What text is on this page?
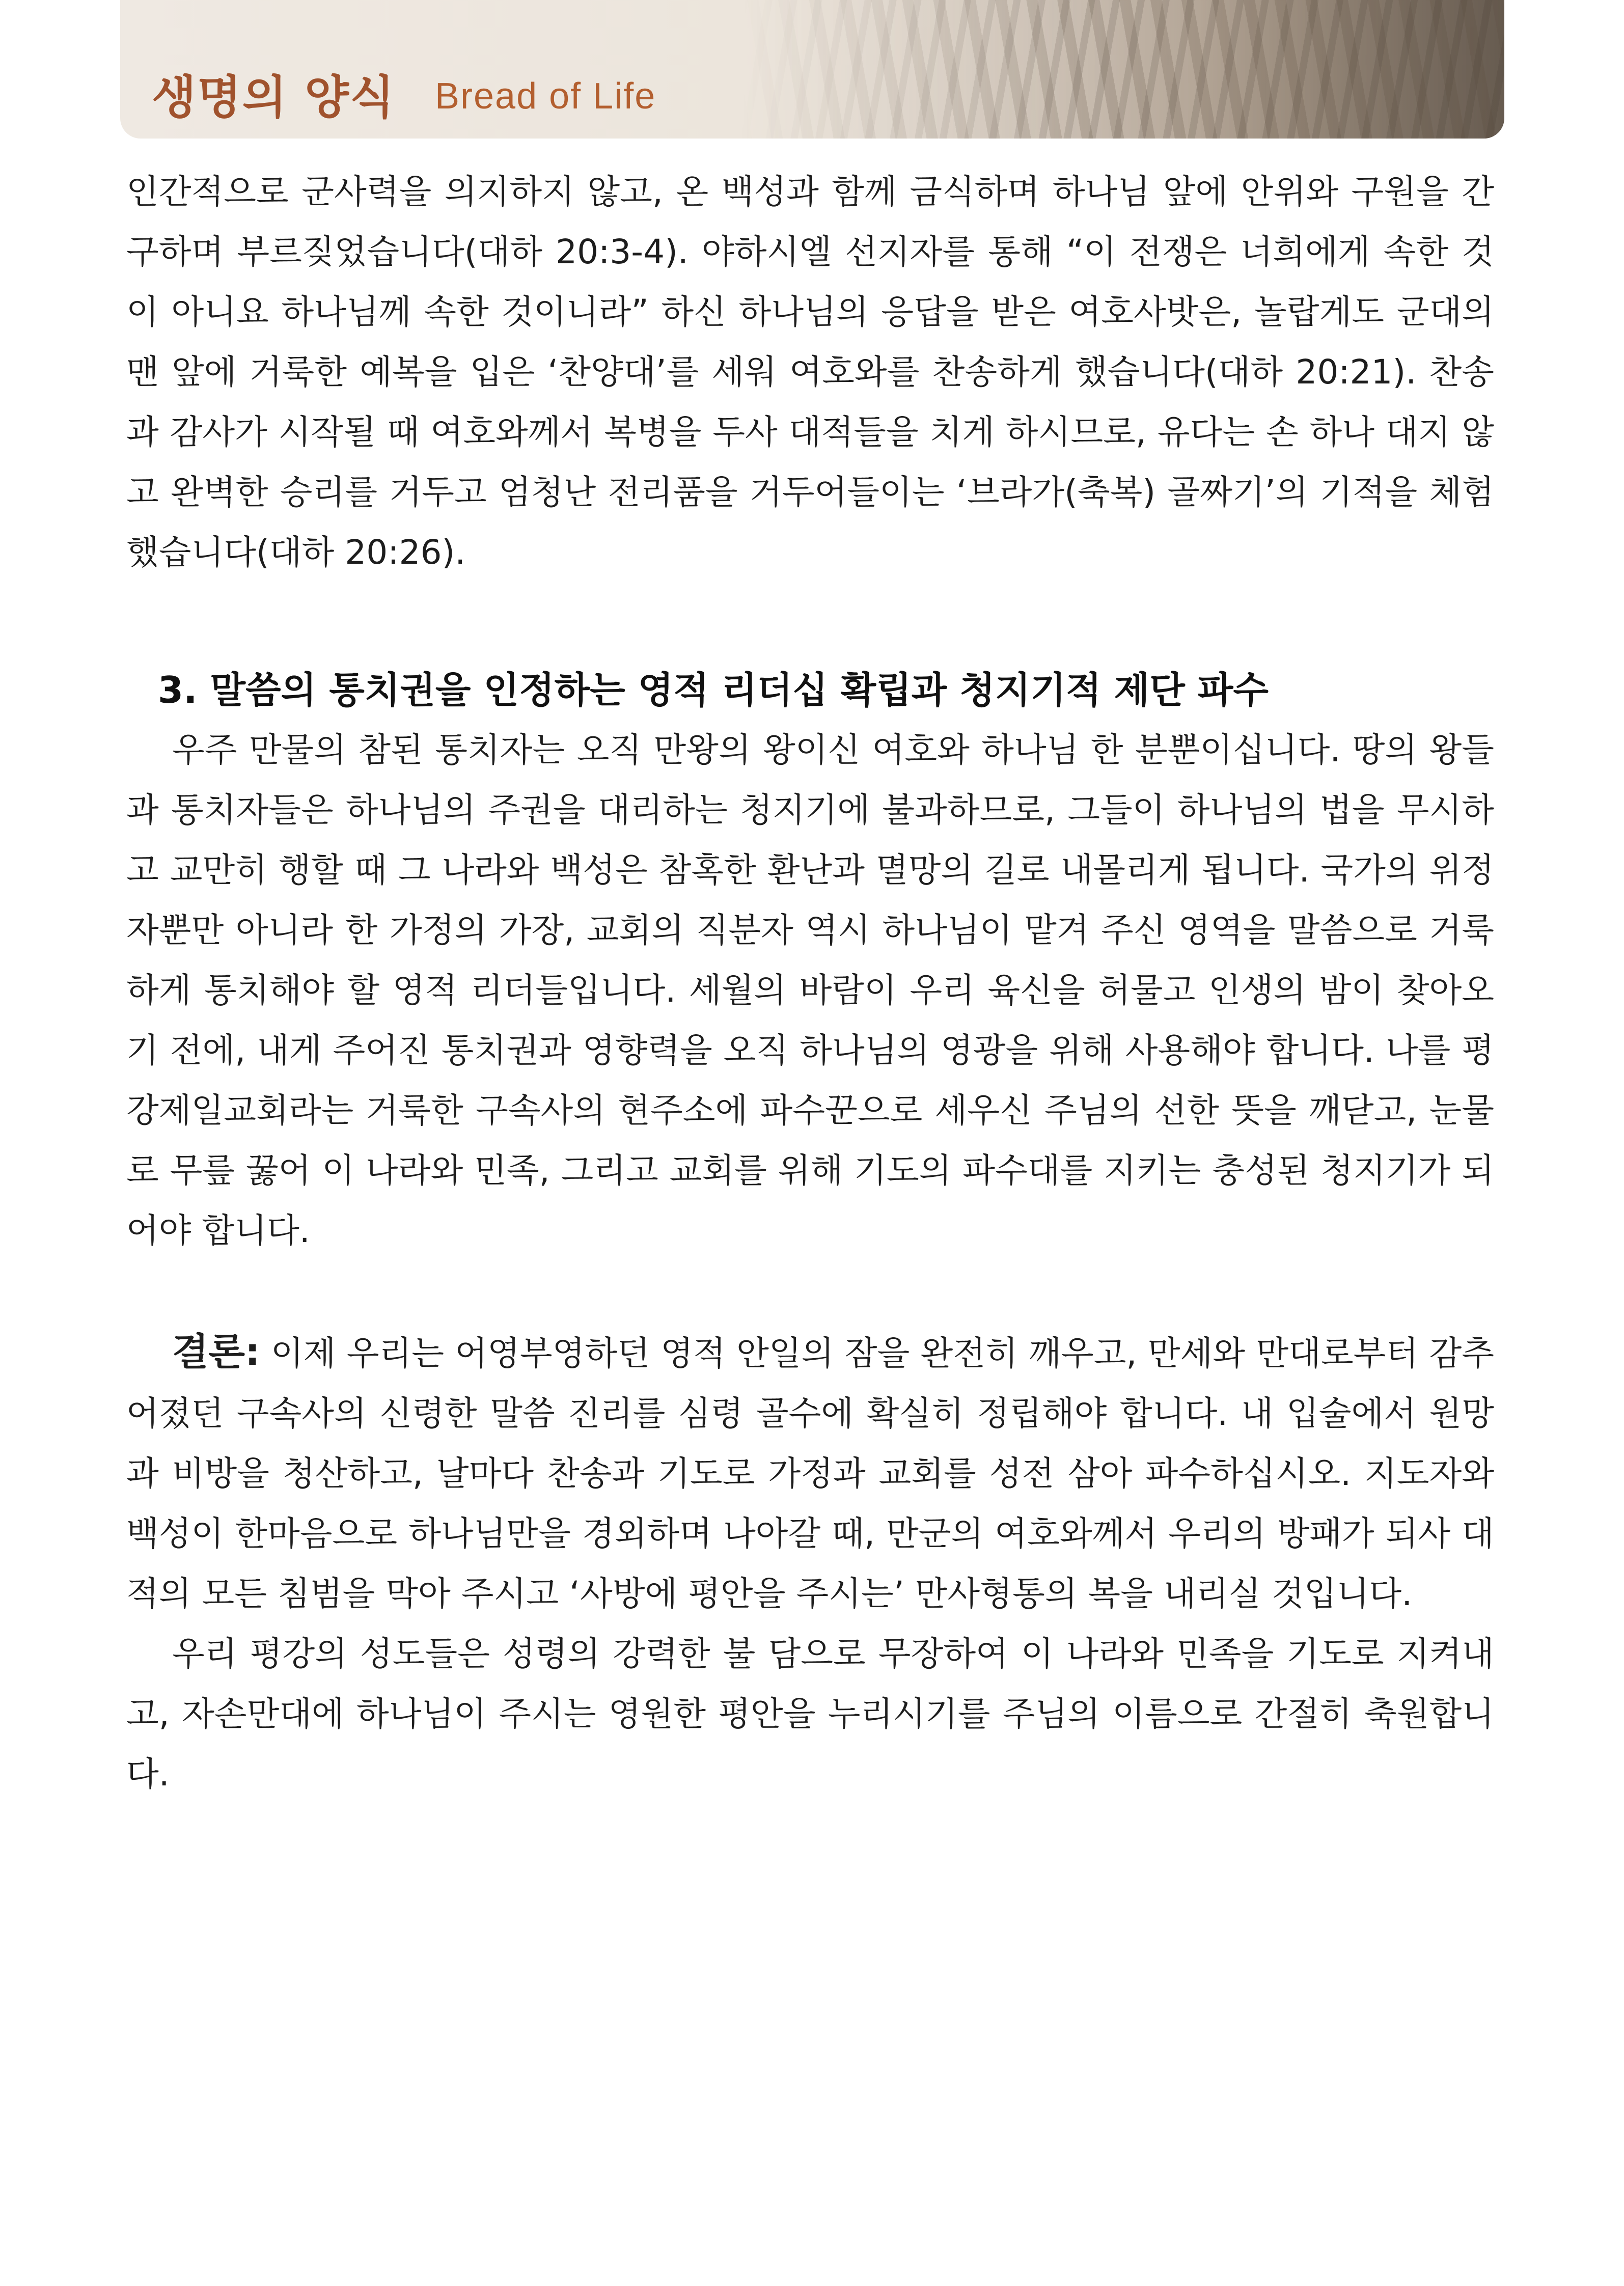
생명의 양식 Bread of Life

인간적으로 군사력을 의지하지 않고, 온 백성과 함께 금식하며 하나님 앞에 안위와 구원을 간구하며 부르짖었습니다(대하 20:3-4). 야하시엘 선지자를 통해 “이 전쟁은 너희에게 속한 것이 아니요 하나님께 속한 것이니라” 하신 하나님의 응답을 받은 여호사밧은, 놀랍게도 군대의 맨 앞에 거룩한 예복을 입은 ‘찬양대’를 세워 여호와를 찬송하게 했습니다(대하 20:21). 찬송과 감사가 시작될 때 여호와께서 복병을 두사 대적들을 치게 하시므로, 유다는 손 하나 대지 않고 완벽한 승리를 거두고 엄청난 전리품을 거두어들이는 ‘브라가(축복) 골짜기’의 기적을 체험했습니다(대하 20:26).

3. 말씀의 통치권을 인정하는 영적 리더십 확립과 청지기적 제단 파수

우주 만물의 참된 통치자는 오직 만왕의 왕이신 여호와 하나님 한 분뿐이십니다. 땅의 왕들과 통치자들은 하나님의 주권을 대리하는 청지기에 불과하므로, 그들이 하나님의 법을 무시하고 교만히 행할 때 그 나라와 백성은 참혹한 환난과 멸망의 길로 내몰리게 됩니다. 국가의 위정자뿐만 아니라 한 가정의 가장, 교회의 직분자 역시 하나님이 맡겨 주신 영역을 말씀으로 거룩하게 통치해야 할 영적 리더들입니다. 세월의 바람이 우리 육신을 허물고 인생의 밤이 찾아오기 전에, 내게 주어진 통치권과 영향력을 오직 하나님의 영광을 위해 사용해야 합니다. 나를 평강제일교회라는 거룩한 구속사의 현주소에 파수꾼으로 세우신 주님의 선한 뜻을 깨닫고, 눈물로 무릎 꿇어 이 나라와 민족, 그리고 교회를 위해 기도의 파수대를 지키는 충성된 청지기가 되어야 합니다.

결론: 이제 우리는 어영부영하던 영적 안일의 잠을 완전히 깨우고, 만세와 만대로부터 감추어졌던 구속사의 신령한 말씀 진리를 심령 골수에 확실히 정립해야 합니다. 내 입술에서 원망과 비방을 청산하고, 날마다 찬송과 기도로 가정과 교회를 성전 삼아 파수하십시오. 지도자와 백성이 한마음으로 하나님만을 경외하며 나아갈 때, 만군의 여호와께서 우리의 방패가 되사 대적의 모든 침범을 막아 주시고 ‘사방에 평안을 주시는’ 만사형통의 복을 내리실 것입니다.

우리 평강의 성도들은 성령의 강력한 불 담으로 무장하여 이 나라와 민족을 기도로 지켜내고, 자손만대에 하나님이 주시는 영원한 평안을 누리시기를 주님의 이름으로 간절히 축원합니다.
